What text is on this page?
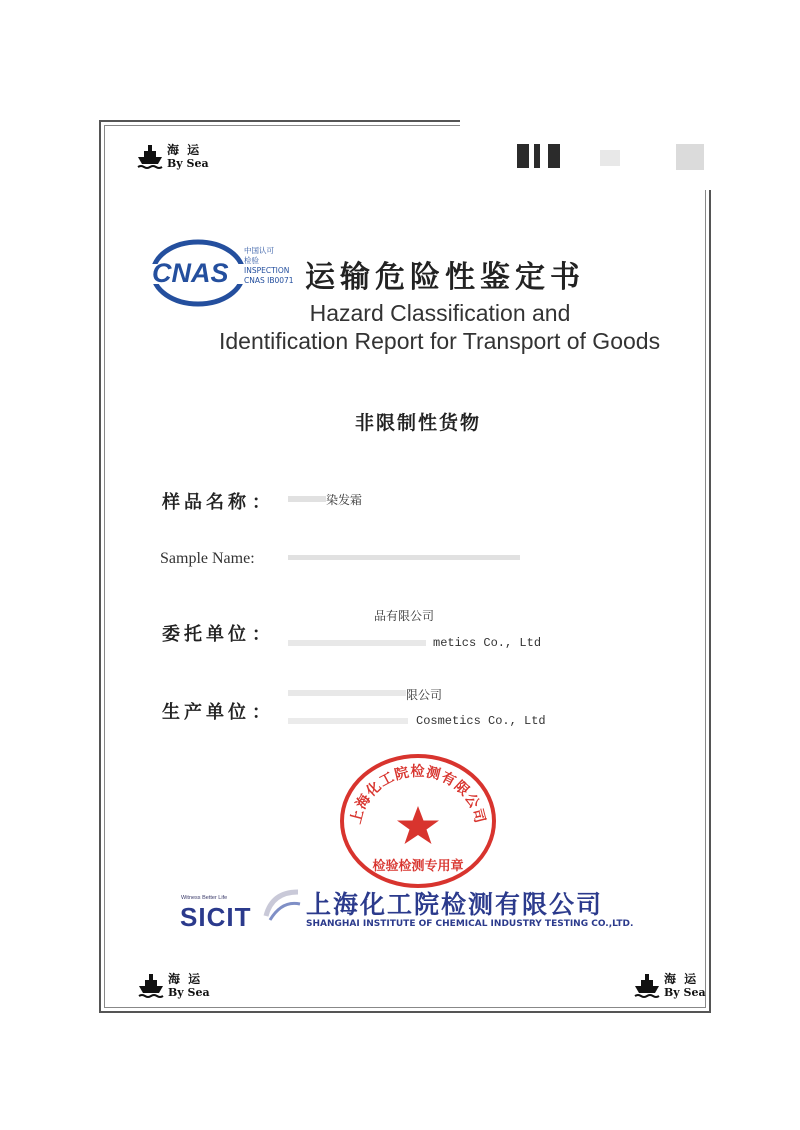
海 运
By Sea
海 运
By Sea
海 运
By Sea
CNAS
中国认可
检验
INSPECTION
CNAS IB0071 运输危险性鉴定书
Hazard Classification and
Identification Report for Transport of Goods
非限制性货物
样品名称 ：	染发霜
Sample Name:
品有限公司
委托单位 ：	metics Co., Ltd
限公司
生产单位 ：	Cosmetics Co., Ltd
上海化工院检测有限公司
检验检测专用章
Witness Better Life
SICIT 上海化工院检测有限公司
SHANGHAI INSTITUTE OF CHEMICAL INDUSTRY TESTING CO.,LTD.
